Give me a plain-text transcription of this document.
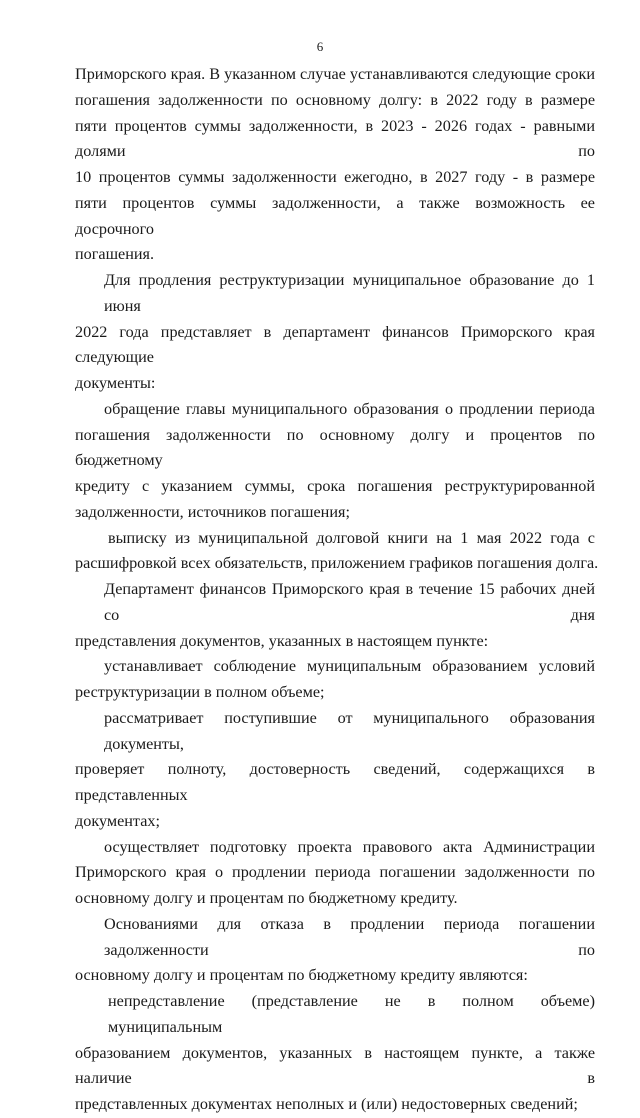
6
Приморского края. В указанном случае устанавливаются следующие сроки
погашения задолженности по основному долгу: в 2022 году в размере
пяти процентов суммы задолженности, в 2023 - 2026 годах - равными долями по
10 процентов суммы задолженности ежегодно, в 2027 году - в размере
пяти процентов суммы задолженности, а также возможность ее досрочного
погашения.
Для продления реструктуризации муниципальное образование до 1 июня
2022 года представляет в департамент финансов Приморского края следующие
документы:
обращение главы муниципального образования о продлении периода
погашения задолженности по основному долгу и процентов по бюджетному
кредиту с указанием суммы, срока погашения реструктурированной
задолженности, источников погашения;
выписку из муниципальной долговой книги на 1 мая 2022 года с
расшифровкой всех обязательств, приложением графиков погашения долга.
Департамент финансов Приморского края в течение 15 рабочих дней со дня
представления документов, указанных в настоящем пункте:
устанавливает соблюдение муниципальным образованием условий
реструктуризации в полном объеме;
рассматривает поступившие от муниципального образования документы,
проверяет полноту, достоверность сведений, содержащихся в представленных
документах;
осуществляет подготовку проекта правового акта Администрации
Приморского края о продлении периода погашении задолженности по
основному долгу и процентам по бюджетному кредиту.
Основаниями для отказа в продлении периода погашении задолженности по
основному долгу и процентам по бюджетному кредиту являются:
непредставление (представление не в полном объеме) муниципальным
образованием документов, указанных в настоящем пункте, а также наличие в
представленных документах неполных и (или) недостоверных сведений;
